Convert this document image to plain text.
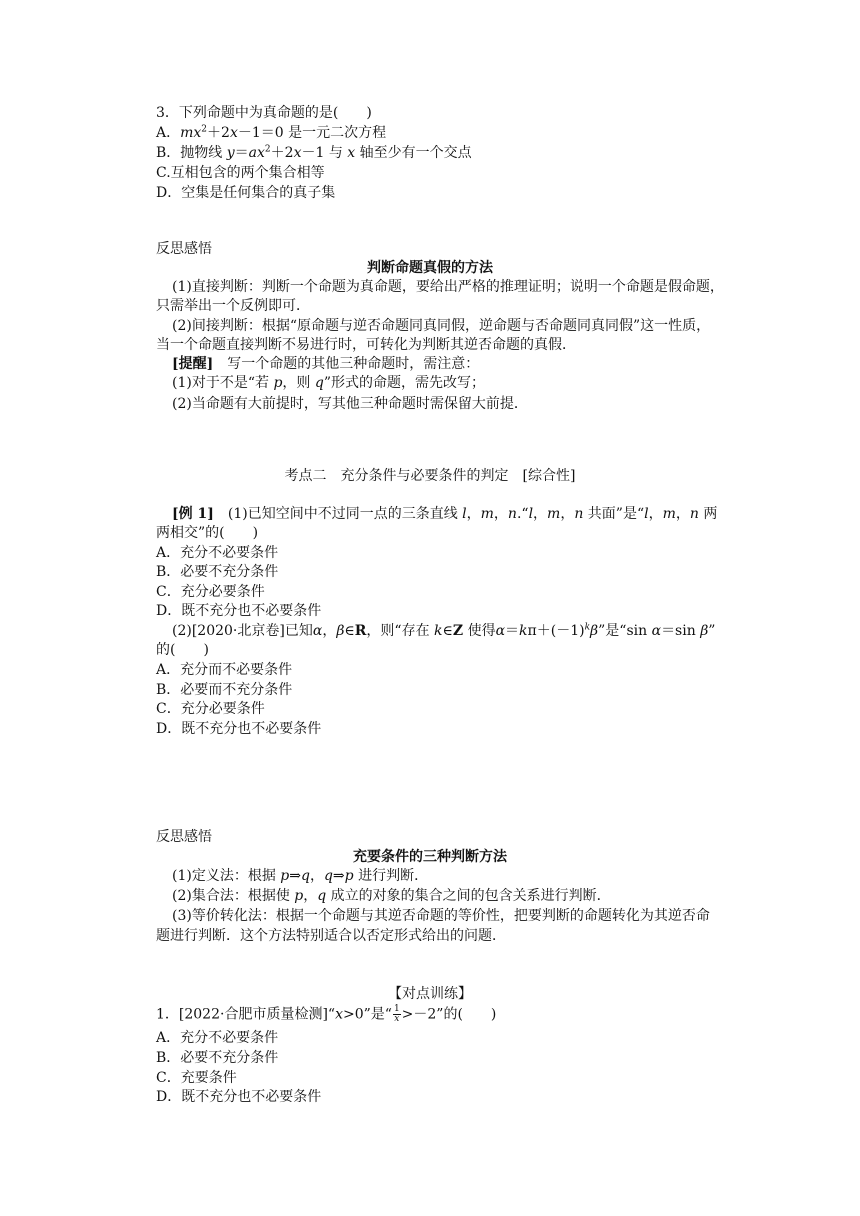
3．下列命题中为真命题的是(　　)
A．$mx^2+2x-1=0$ 是一元二次方程
B．抛物线 $y=ax^2+2x-1$ 与 x 轴至少有一个交点
C.互相包含的两个集合相等
D．空集是任何集合的真子集
反思感悟
判断命题真假的方法
(1)直接判断：判断一个命题为真命题，要给出严格的推理证明；说明一个命题是假命题，
只需举出一个反例即可．
(2)间接判断：根据“原命题与逆否命题同真同假，逆命题与否命题同真同假”这一性质，
当一个命题直接判断不易进行时，可转化为判断其逆否命题的真假．
[提醒]　写一个命题的其他三种命题时，需注意：
(1)对于不是“若 p，则 q”形式的命题，需先改写；
(2)当命题有大前提时，写其他三种命题时需保留大前提．
考点二　充分条件与必要条件的判定　[综合性]
[例 1]　(1)已知空间中不过同一点的三条直线 l，m，n.“l，m，n 共面”是“l，m，n 两
两相交”的(　　)
A．充分不必要条件
B．必要不充分条件
C．充分必要条件
D．既不充分也不必要条件
(2)[2020·北京卷]已知α，β∈R，则“存在 k∈Z 使得$\alpha=k\pi+(-1)^k\beta$”是“sin α＝sin β”
的(　　)
A．充分而不必要条件
B．必要而不充分条件
C．充分必要条件
D．既不充分也不必要条件
反思感悟
充要条件的三种判断方法
(1)定义法：根据 p⇒q，q⇒p 进行判断．
(2)集合法：根据使 p，q 成立的对象的集合之间的包含关系进行判断．
(3)等价转化法：根据一个命题与其逆否命题的等价性，把要判断的命题转化为其逆否命
题进行判断．这个方法特别适合以否定形式给出的问题．
【对点训练】
1．[2022·合肥市质量检测]“x>0”是“ $\frac{1}{x} >-2$”的(　　)
A．充分不必要条件
B．必要不充分条件
C．充要条件
D．既不充分也不必要条件
